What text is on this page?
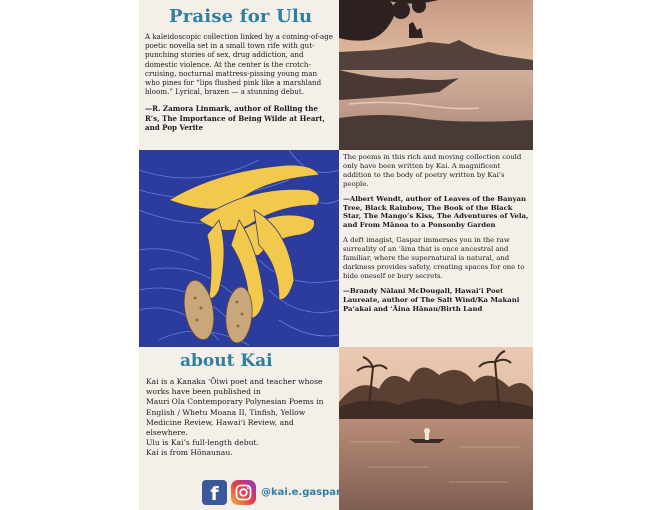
Praise for Ulu

A kaleidoscopic collection linked by a coming-of-age poetic novella set in a small town rife with gut-punching stories of sex, drug addiction, and domestic violence. At the center is the crotch-cruising, nocturnal mattress-pissing young man who pines for “lips flushed pink like a marshland bloom.” Lyrical, brazen — a stunning debut.

—R. Zamora Linmark, author of Rolling the R’s, The Importance of Being Wilde at Heart, and Pop Verite

The poems in this rich and moving collection could only have been written by Kai. A magnificent addition to the body of poetry written by Kai’s people.

—Albert Wendt, author of Leaves of the Banyan Tree, Black Rainbow, The Book of the Black Star, The Mango’s Kiss, The Adventures of Vela, and From Mānoa to a Ponsonby Garden

A deft imagist, Gaspar immerses you in the raw surreality of an ʻāina that is once ancestral and familiar, where the supernatural is natural, and darkness provides safety, creating spaces for one to hide oneself or bury secrets.

—Brandy Nālani McDougall, Hawaiʻi Poet Laureate, author of The Salt Wind/Ka Makani Paʻakai and ʻĀina Hānau/Birth Land

about Kai

Kai is a Kanaka ʻŌiwi poet and teacher whose works have been published in

Mauri Ola Contemporary Polynesian Poems in English / Whetu Moana II, Tinfish, Yellow Medicine Review, Hawaiʻi Review, and elsewhere.

Ulu is Kai’s full-length debut.

Kai is from Hōnaunau.

f	@kai.e.gaspar
